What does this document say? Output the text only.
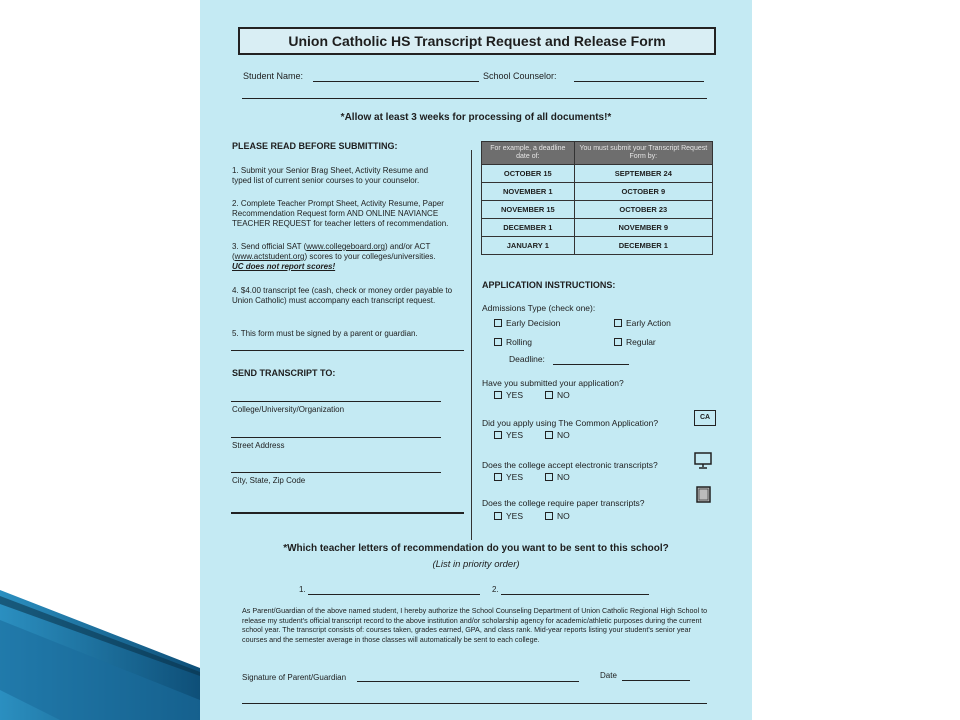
Union Catholic HS Transcript Request and Release Form
Student Name:	School Counselor:
*Allow at least 3 weeks for processing of all documents!*
PLEASE READ BEFORE SUBMITTING:
1. Submit your Senior Brag Sheet, Activity Resume and typed list of current senior courses to your counselor.
2. Complete Teacher Prompt Sheet, Activity Resume, Paper Recommendation Request form AND ONLINE NAVIANCE TEACHER REQUEST for teacher letters of recommendation.
3. Send official SAT (www.collegeboard.org) and/or ACT (www.actstudent.org) scores to your colleges/universities.
UC does not report scores!
4. $4.00 transcript fee (cash, check or money order payable to Union Catholic) must accompany each transcript request.
5. This form must be signed by a parent or guardian.
SEND TRANSCRIPT TO:
College/University/Organization
Street Address
City, State, Zip Code
For example, a deadline date of:	You must submit your Transcript Request Form by:
OCTOBER 15	SEPTEMBER 24
NOVEMBER 1	OCTOBER 9
NOVEMBER 15	OCTOBER 23
DECEMBER 1	NOVEMBER 9
JANUARY 1	DECEMBER 1
APPLICATION INSTRUCTIONS:
Admissions Type (check one):
Early Decision	Early Action
Rolling	Regular
Deadline:
Have you submitted your application?
YES	NO
Did you apply using The Common Application?
YES	NO
CA
Does the college accept electronic transcripts?
YES	NO
Does the college require paper transcripts?
YES	NO
*Which teacher letters of recommendation do you want to be sent to this school?
(List in priority order)
1.	2.
As Parent/Guardian of the above named student, I hereby authorize the School Counseling Department of Union Catholic Regional High School to release my student's official transcript record to the above institution and/or scholarship agency for academic/athletic purposes during the current school year. The transcript consists of: courses taken, grades earned, GPA, and class rank. Mid-year reports listing your student's senior year courses and the semester average in those classes will automatically be sent to each college.
Signature of Parent/Guardian	Date
